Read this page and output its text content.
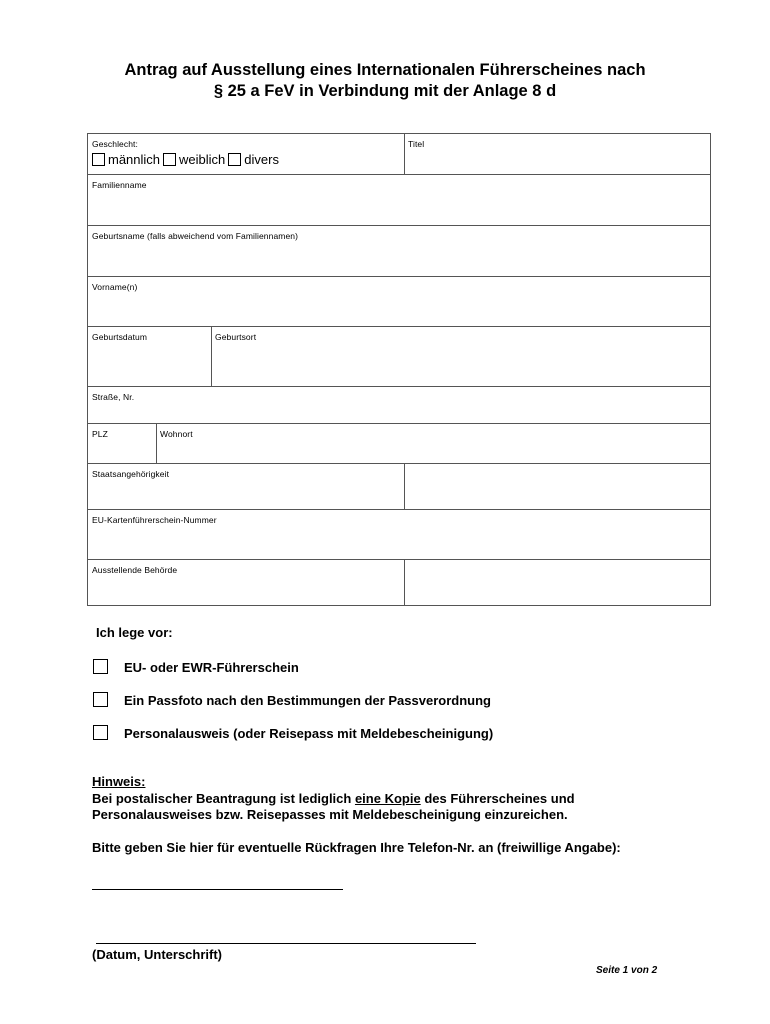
Antrag auf Ausstellung eines Internationalen Führerscheines nach
§ 25 a FeV in Verbindung mit der Anlage 8 d
Geschlecht:
männlich weiblich divers
Titel
Familienname
Geburtsname (falls abweichend vom Familiennamen)
Vorname(n)
Geburtsdatum	Geburtsort
Straße, Nr.
PLZ	Wohnort
Staatsangehörigkeit
EU-Kartenführerschein-Nummer
Ausstellende Behörde
Ich lege vor:
EU- oder EWR-Führerschein
Ein Passfoto nach den Bestimmungen der Passverordnung
Personalausweis (oder Reisepass mit Meldebescheinigung)
Hinweis:
Bei postalischer Beantragung ist lediglich eine Kopie des Führerscheines und
Personalausweises bzw. Reisepasses mit Meldebescheinigung einzureichen.
Bitte geben Sie hier für eventuelle Rückfragen Ihre Telefon-Nr. an (freiwillige Angabe):
(Datum, Unterschrift)
Seite 1 von 2
